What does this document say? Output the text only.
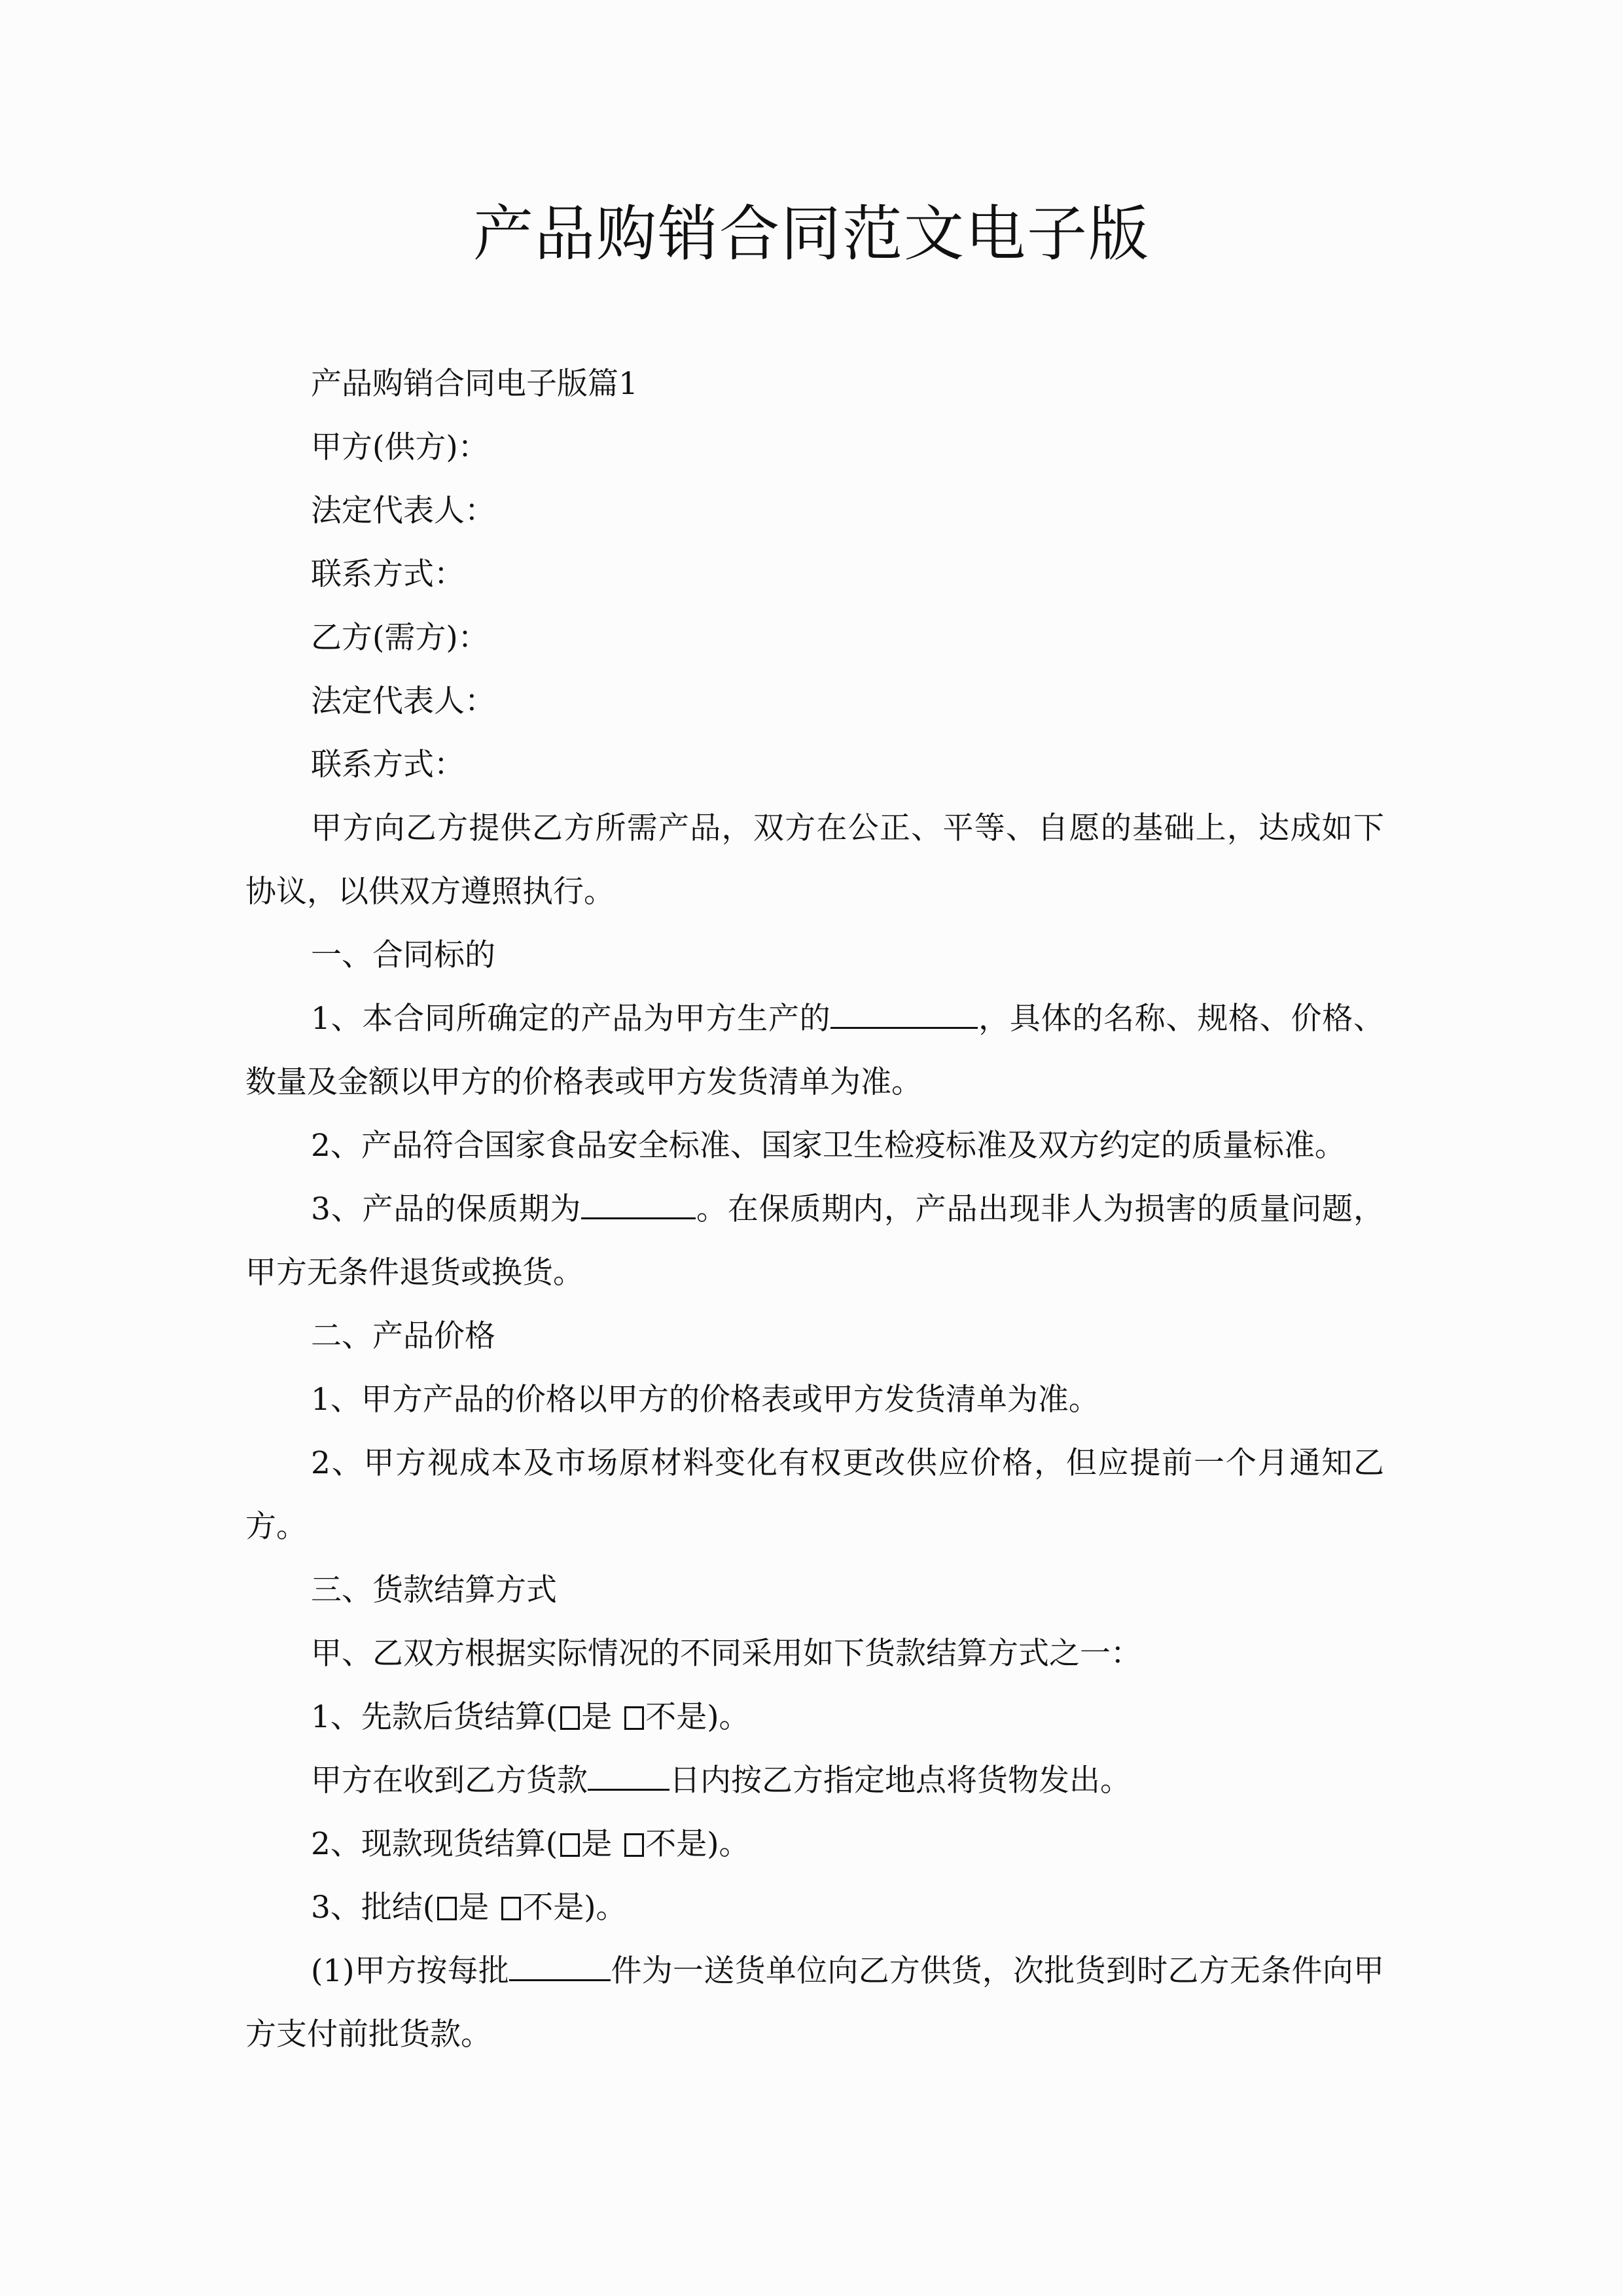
产品购销合同范文电子版

产品购销合同电子版篇1

甲方(供方)：

法定代表人：

联系方式：

乙方(需方)：

法定代表人：

联系方式：

甲方向乙方提供乙方所需产品，双方在公正、平等、自愿的基础上，达成如下协议，以供双方遵照执行。

一、合同标的

1、本合同所确定的产品为甲方生产的	，具体的名称、规格、价格、数量及金额以甲方的价格表或甲方发货清单为准。

2、产品符合国家食品安全标准、国家卫生检疫标准及双方约定的质量标准。

3、产品的保质期为	。在保质期内，产品出现非人为损害的质量问题，甲方无条件退货或换货。

二、产品价格

1、甲方产品的价格以甲方的价格表或甲方发货清单为准。

2、甲方视成本及市场原材料变化有权更改供应价格，但应提前一个月通知乙方。

三、货款结算方式

甲、乙双方根据实际情况的不同采用如下货款结算方式之一：

1、先款后货结算( 是 不是)。

甲方在收到乙方货款	日内按乙方指定地点将货物发出。

2、现款现货结算( 是 不是)。

3、批结( 是 不是)。

(1)甲方按每批	件为一送货单位向乙方供货，次批货到时乙方无条件向甲方支付前批货款。
